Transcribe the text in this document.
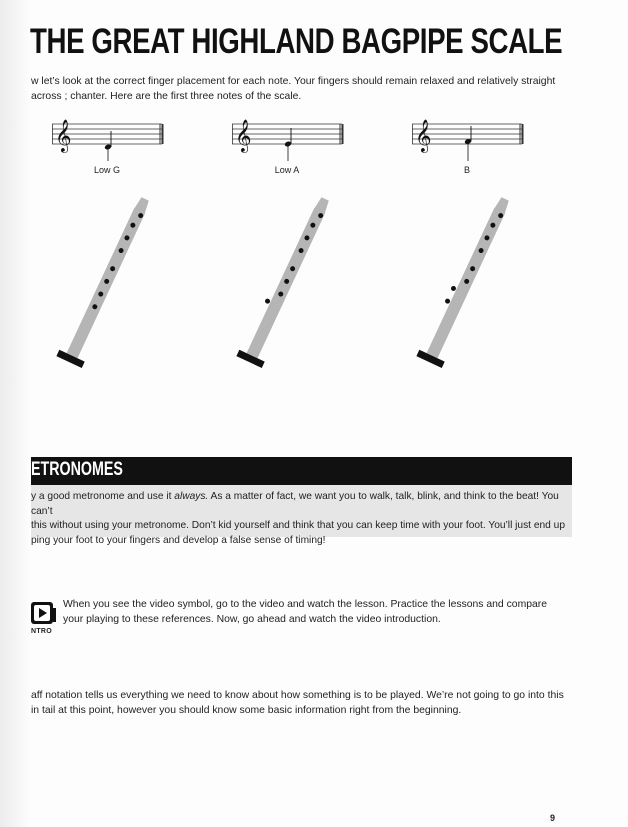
THE GREAT HIGHLAND BAGPIPE SCALE

w let’s look at the correct finger placement for each note. Your fingers should remain relaxed and relatively straight across ; chanter. Here are the first three notes of the scale.

𝄞
Low G
𝄞
Low A
𝄞
B
ETRONOMES

y a good metronome and use it always. As a matter of fact, we want you to walk, talk, blink, and think to the beat! You can’t
this without using your metronome. Don’t kid yourself and think that you can keep time with your foot. You’ll just end up
ping your foot to your fingers and develop a false sense of timing!

NTRO

When you see the video symbol, go to the video and watch the lesson. Practice the lessons and compare your playing to these references. Now, go ahead and watch the video introduction.

aff notation tells us everything we need to know about how something is to be played. We’re not going to go into this in tail at this point, however you should know some basic information right from the beginning.

9
